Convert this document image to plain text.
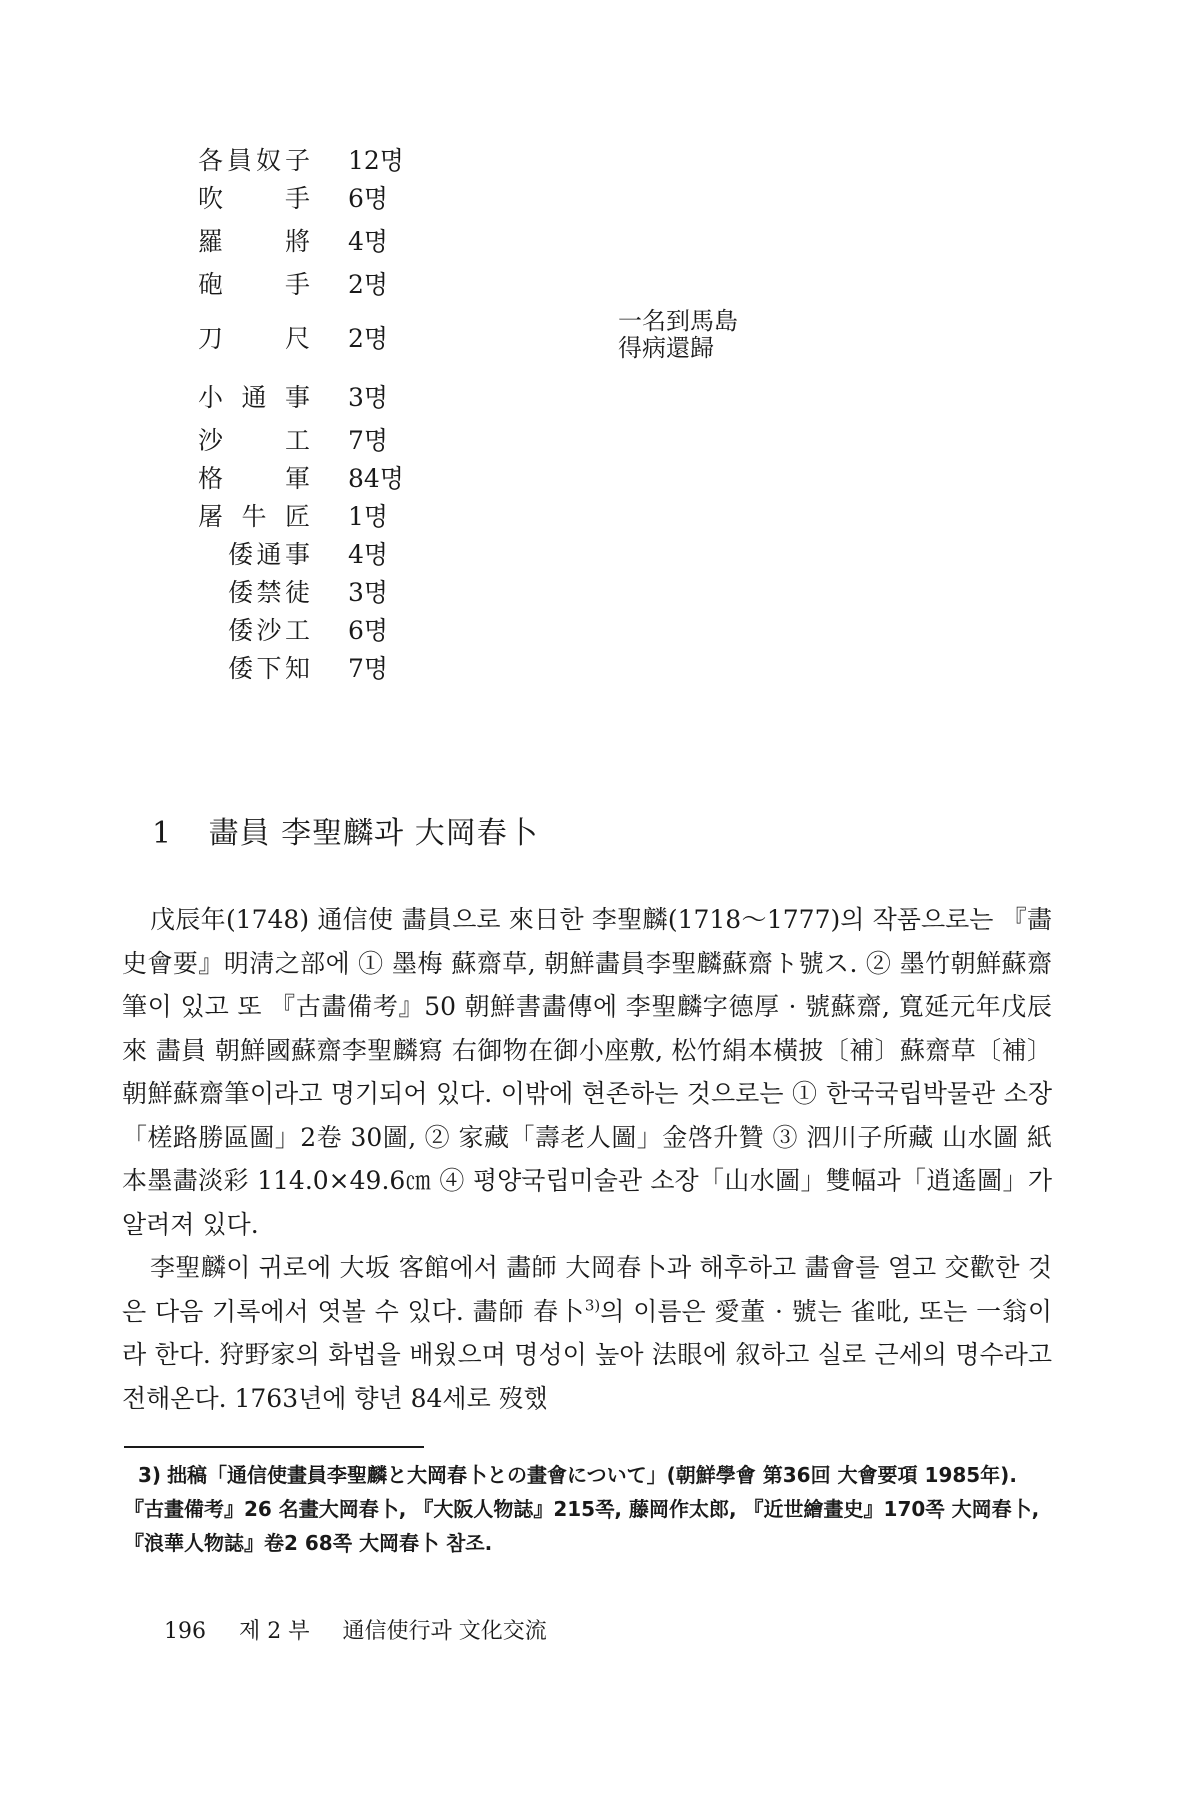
各員奴子 12명
吹　手 6명
羅　將 4명
砲　手 2명
刀　尺 2명
一名到馬島得病還歸
小通事 3명
沙　工 7명
格　軍 84명
屠牛匠 1명
倭通事 4명
倭禁徒 3명
倭沙工 6명
倭下知 7명
1 畵員 李聖麟과 大岡春卜

戊辰年(1748) 通信使 畵員으로 來日한 李聖麟(1718～1777)의 작품으로는 『畵史會要』明淸之部에 ① 墨梅 蘇齋草, 朝鮮畵員李聖麟蘇齋ト號ス. ② 墨竹朝鮮蘇齋筆이 있고 또 『古畵備考』50 朝鮮書畵傳에 李聖麟字德厚 · 號蘇齋, 寬延元年戊辰來 畵員 朝鮮國蘇齋李聖麟寫 右御物在御小座敷, 松竹絹本橫披〔補〕蘇齋草〔補〕朝鮮蘇齋筆이라고 명기되어 있다. 이밖에 현존하는 것으로는 ① 한국국립박물관 소장「槎路勝區圖」2卷 30圖, ② 家藏「壽老人圖」金啓升贊 ③ 泗川子所藏 山水圖 紙本墨畵淡彩 114.0×49.6㎝ ④ 평양국립미술관 소장「山水圖」雙幅과「逍遙圖」가 알려져 있다.

李聖麟이 귀로에 大坂 客館에서 畵師 大岡春卜과 해후하고 畵會를 열고 交歡한 것은 다음 기록에서 엿볼 수 있다. 畵師 春卜$^{3)}$의 이름은 愛董 · 號는 雀吡, 또는 一翁이라 한다. 狩野家의 화법을 배웠으며 명성이 높아 法眼에 叙하고 실로 근세의 명수라고 전해온다. 1763년에 향년 84세로 歿했

3) 拙稿「通信使畫員李聖麟と大岡春卜との畫會について」(朝鮮學會 第36回 大會要項 1985年). 『古畫備考』26 名畫大岡春卜, 『大阪人物誌』215쪽, 藤岡作太郎, 『近世繪畫史』170쪽 大岡春卜, 『浪華人物誌』卷2 68쪽 大岡春卜 참조.
196 제 2 부 通信使行과 文化交流
